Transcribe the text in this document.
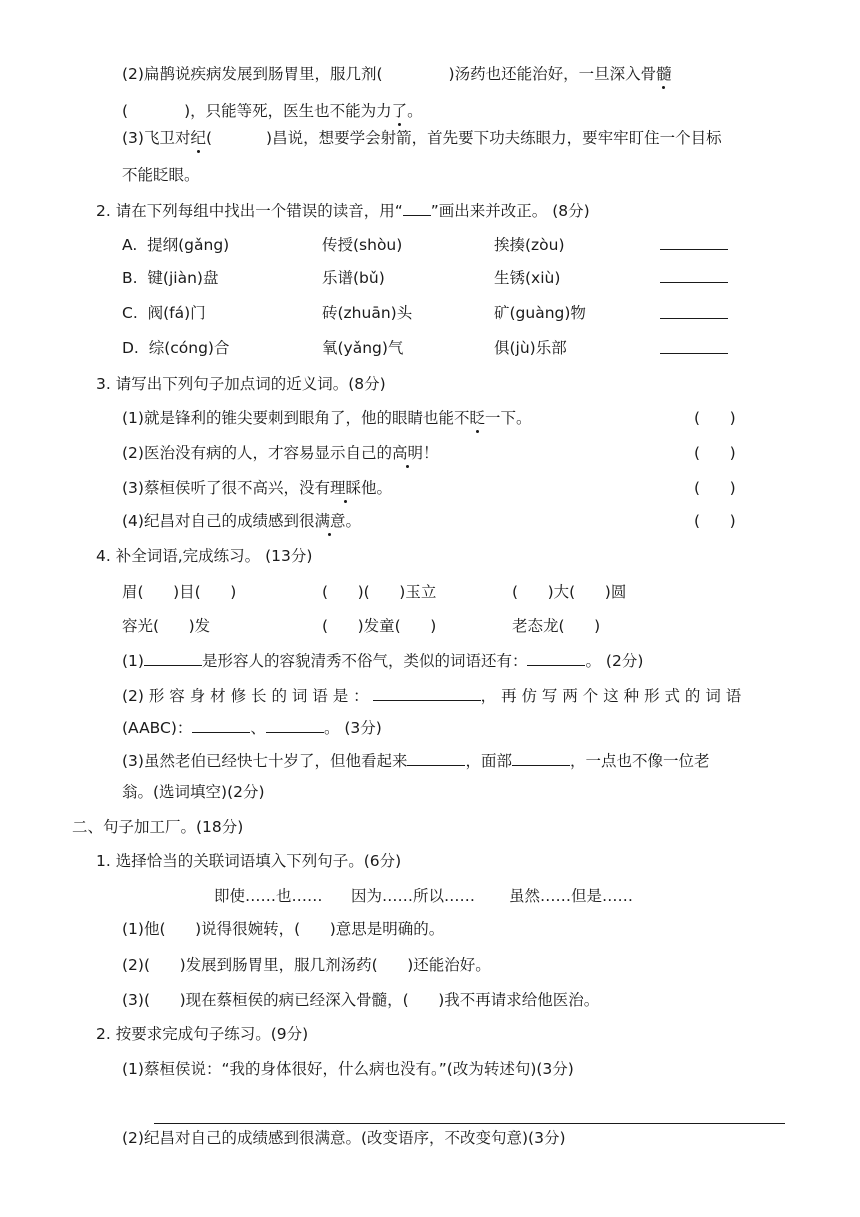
(2)扁鹊说疾病发展到肠胃里，服几剂(	)汤药也还能治好，一旦深入骨髓
(	)，只能等死，医生也不能为力了。
(3)飞卫对纪(	)昌说，想要学会射箭，首先要下功夫练眼力，要牢牢盯住一个目标
不能眨眼。
2. 请在下列每组中找出一个错误的读音，用“ ”画出来并改正。 (8分)
A.  提纲(gǎng)	传授(shòu)	挨揍(zòu)
B.  键(jiàn)盘	乐谱(bǔ)	生锈(xiù)
C.  阀(fá)门	砖(zhuān)头	矿(guàng)物
D.  综(cóng)合	氧(yǎng)气	俱(jù)乐部
3. 请写出下列句子加点词的近义词。(8分)
(1)就是锋利的锥尖要刺到眼角了，他的眼睛也能不眨一下。	(      )
(2)医治没有病的人，才容易显示自己的高明！	(      )
(3)蔡桓侯听了很不高兴，没有理睬他。	(      )
(4)纪昌对自己的成绩感到很满意。	(      )
4. 补全词语,完成练习。 (13分)
眉(      )目(      )	(      )(      )玉立	(      )大(      )圆
容光(      )发	(      )发童(      )	老态龙(      )
(1)	是形容人的容貌清秀不俗气，类似的词语还有：	。 (2分)
(2) 形 容 身 材 修 长 的 词 语 是 ：	， 再 仿 写 两 个 这 种 形 式 的 词 语
(AABC)：	、	。 (3分)
(3)虽然老伯已经快七十岁了，但他看起来	，面部	，一点也不像一位老
翁。(选词填空)(2分)
二、句子加工厂。(18分)
1. 选择恰当的关联词语填入下列句子。(6分)
即使……也…… 因为……所以…… 虽然……但是……
(1)他(      )说得很婉转，(      )意思是明确的。
(2)(      )发展到肠胃里，服几剂汤药(      )还能治好。
(3)(      )现在蔡桓侯的病已经深入骨髓，(      )我不再请求给他医治。
2. 按要求完成句子练习。(9分)
(1)蔡桓侯说：“我的身体很好，什么病也没有。”(改为转述句)(3分)
(2)纪昌对自己的成绩感到很满意。(改变语序，不改变句意)(3分)
